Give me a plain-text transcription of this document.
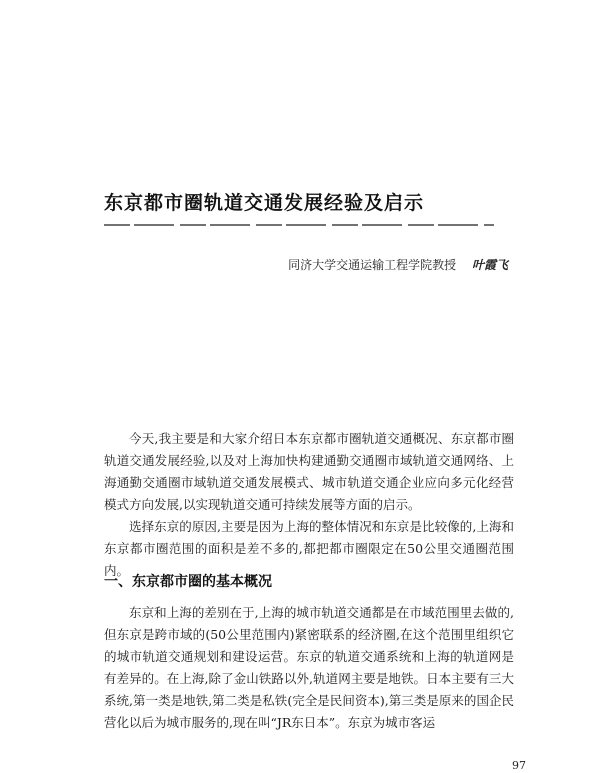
东京都市圈轨道交通发展经验及启示
同济大学交通运输工程学院教授 叶霞飞

今天,我主要是和大家介绍日本东京都市圈轨道交通概况、东京都市圈轨道交通发展经验,以及对上海加快构建通勤交通圈市域轨道交通网络、上海通勤交通圈市域轨道交通发展模式、城市轨道交通企业应向多元化经营模式方向发展,以实现轨道交通可持续发展等方面的启示。

选择东京的原因,主要是因为上海的整体情况和东京是比较像的,上海和东京都市圈范围的面积是差不多的,都把都市圈限定在50公里交通圈范围内。

一、东京都市圈的基本概况

东京和上海的差别在于,上海的城市轨道交通都是在市域范围里去做的,但东京是跨市域的(50公里范围内)紧密联系的经济圈,在这个范围里组织它的城市轨道交通规划和建设运营。东京的轨道交通系统和上海的轨道网是有差异的。在上海,除了金山铁路以外,轨道网主要是地铁。日本主要有三大系统,第一类是地铁,第二类是私铁(完全是民间资本),第三类是原来的国企民营化以后为城市服务的,现在叫“JR东日本”。东京为城市客运

97
